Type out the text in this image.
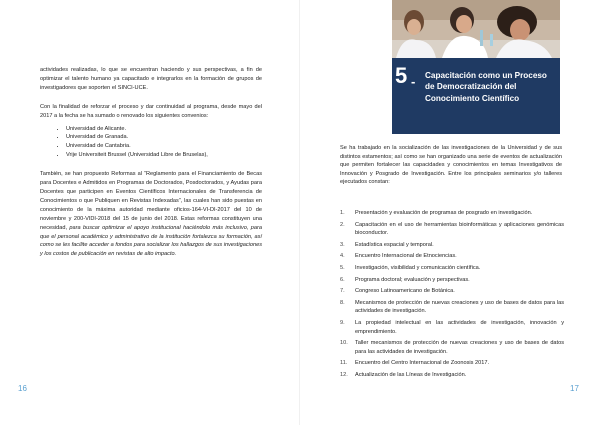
actividades realizadas, lo que se encuentran haciendo y sus perspectivas, a fin de optimizar el talento humano ya capacitado e integrarlos en la formación de grupos de investigadores que soporten el SINCI-UCE.

Con la finalidad de reforzar el proceso y dar continuidad al programa, desde mayo del 2017 a la fecha se ha sumado o renovado los siguientes convenios:

• Universidad de Alicante.
• Universidad de Granada.
• Universidad de Cantabria.
• Vrije Universiteit Brussel (Universidad Libre de Bruselas),

También, se han propuesto Reformas al “Reglamento para el Financiamiento de Becas para Docentes e Admitidos en Programas de Doctorados, Posdoctorados, y Ayudas para Docentes que participen en Eventos Científicos Internacionales de Transferencia de Conocimientos o que Publiquen en Revistas Indexadas”, las cuales han sido puestas en conocimiento de la máxima autoridad mediante oficios-164-VI-DI-2017 del 10 de noviembre y 200-VIDI-2018 del 15 de junio del 2018. Estas reformas constituyen una necesidad, para buscar optimizar el apoyo institucional haciéndolo más inclusivo, para que el personal académico y administrativo de la institución fortalezca su formación, así como se les facilite acceder a fondos para socializar los hallazgos de sus investigaciones y los costos de publicación en revistas de alto impacto.

16
5 - Capacitación como un Proceso de Democratización del Conocimiento Científico
Se ha trabajado en la socialización de las investigaciones de la Universidad y de sus distintos estamentos; así como se han organizado una serie de eventos de actualización que permiten fortalecer las capacidades y conocimientos en temas Investigativos de Innovación y Posgrado de Investigación. Entre los principales seminarios y/o talleres ejecutados constan:
1. Presentación y evaluación de programas de posgrado en investigación.
2. Capacitación en el uso de herramientas bioinformáticas y aplicaciones genómicas bioconductor.
3. Estadística espacial y temporal.
4. Encuentro Internacional de Etnociencias.
5. Investigación, visibilidad y comunicación científica.
6. Programa doctoral; evaluación y perspectivas.
7. Congreso Latinoamericano de Botánica.
8. Mecanismos de protección de nuevas creaciones y uso de bases de datos para las actividades de investigación.
9. La propiedad intelectual en las actividades de investigación, innovación y emprendimiento.
10. Taller mecanismos de protección de nuevas creaciones y uso de bases de datos para las actividades de investigación.
11. Encuentro del Centro Internacional de Zoonosis 2017.
12. Actualización de las Líneas de Investigación.
17
